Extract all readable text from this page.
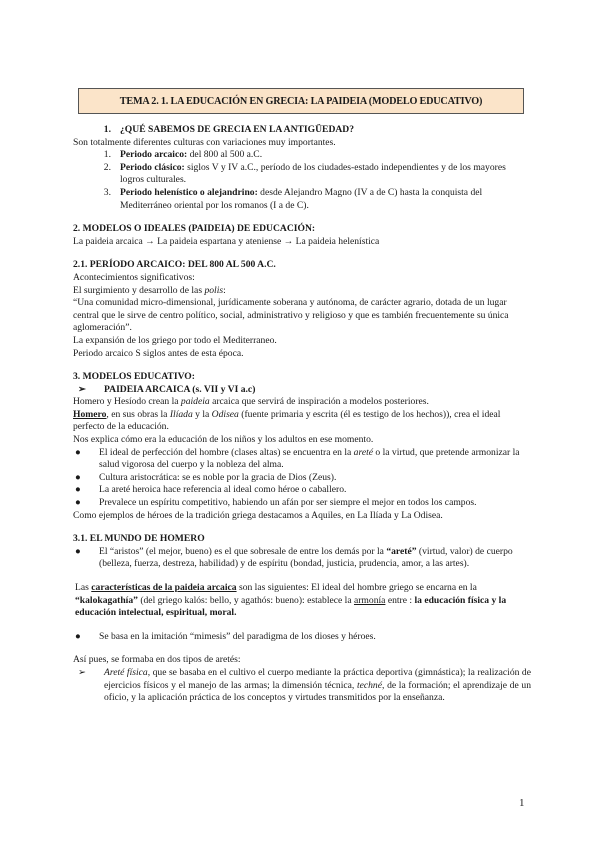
TEMA 2. 1. LA EDUCACIÓN EN GRECIA: LA PAIDEIA (MODELO EDUCATIVO)
1. ¿QUÉ SABEMOS DE GRECIA EN LA ANTIGÜEDAD?

Son totalmente diferentes culturas con variaciones muy importantes.

1. Periodo arcaico: del 800 al 500 a.C.
2. Periodo clásico: siglos V y IV a.C., período de los ciudades-estado independientes y de los mayores logros culturales.
3. Periodo helenístico o alejandrino: desde Alejandro Magno (IV a de C) hasta la conquista del Mediterráneo oriental por los romanos (I a de C).

2. MODELOS O IDEALES (PAIDEIA) DE EDUCACIÓN:

La paideia arcaica → La paideia espartana y ateniense → La paideia helenística

2.1. PERÍODO ARCAICO: DEL 800 AL 500 A.C.

Acontecimientos significativos:

El surgimiento y desarrollo de las polis:

“Una comunidad micro-dimensional, jurídicamente soberana y autónoma, de carácter agrario, dotada de un lugar central que le sirve de centro político, social, administrativo y religioso y que es también frecuentemente su única aglomeración”.

La expansión de los griego por todo el Mediterraneo.

Periodo arcaico S siglos antes de esta época.

3. MODELOS EDUCATIVO:

➢	PAIDEIA ARCAICA (s. VII y VI a.c)

Homero y Hesíodo crean la paideia arcaica que servirá de inspiración a modelos posteriores.

Homero, en sus obras la Ilíada y la Odisea (fuente primaria y escrita (él es testigo de los hechos)), crea el ideal perfecto de la educación.

Nos explica cómo era la educación de los niños y los adultos en ese momento.

●	El ideal de perfección del hombre (clases altas) se encuentra en la areté o la virtud, que pretende armonizar la salud vigorosa del cuerpo y la nobleza del alma.
●	Cultura aristocrática: se es noble por la gracia de Dios (Zeus).
●	La areté heroica hace referencia al ideal como héroe o caballero.
●	Prevalece un espíritu competitivo, habiendo un afán por ser siempre el mejor en todos los campos.

Como ejemplos de héroes de la tradición griega destacamos a Aquiles, en La Ilíada y La Odisea.

3.1. EL MUNDO DE HOMERO

●	El “aristos” (el mejor, bueno) es el que sobresale de entre los demás por la “areté” (virtud, valor) de cuerpo (belleza, fuerza, destreza, habilidad) y de espíritu (bondad, justicia, prudencia, amor, a las artes).

Las características de la paideia arcaica son las siguientes: El ideal del hombre griego se encarna en la “kalokagathía” (del griego kalós: bello, y agathós: bueno): establece la armonía entre : la educación física y la educación intelectual, espiritual, moral.

●	Se basa en la imitación “mimesis” del paradigma de los dioses y héroes.

Así pues, se formaba en dos tipos de aretés:

➢	Areté física, que se basaba en el cultivo el cuerpo mediante la práctica deportiva (gimnástica); la realización de ejercicios físicos y el manejo de las armas; la dimensión técnica, techné, de la formación; el aprendizaje de un oficio, y la aplicación práctica de los conceptos y virtudes transmitidos por la enseñanza.
1
